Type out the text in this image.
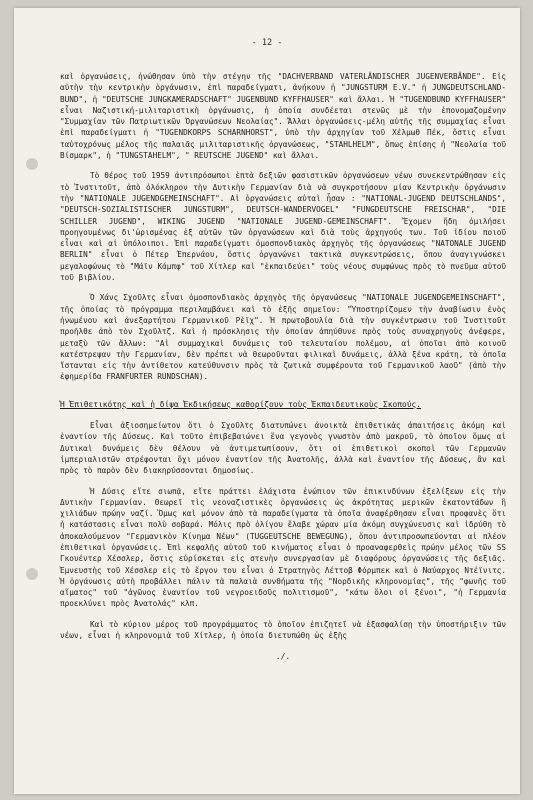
- 12 -

καὶ ὀργανώσεις, ἡνώθησαν ὑπὸ τὴν στέγην τῆς "DACHVERBAND VATERLÄNDISCHER JUGENVERBÄNDE". Εἰς αὐτὴν τὴν κεντρικὴν ὀργάνωσιν, ἐπὶ παραδείγματι, ἀνήκουν ἡ "JUNGSTURM E.V." ἡ JUNGDEUTSCHLAND-BUND", ἡ "DEUTSCHE JUNGKAMERADSCHAFT" JUGENBUND KYFFHAUSER" καὶ ἄλλαι. Ἡ "TUGENDBUND KYFFHAUSER" εἶναι Ναζιστική-μιλιταριστικὴ ὀργάνωσις, ἡ ὁποία συνδέεται στενῶς μὲ τὴν ἐπονομαζομένην "Συμμαχίαν τῶν Πατριωτικῶν Ὀργανώσεων Νεολαίας". Ἄλλαι ὀργανώσεις-μέλη αὐτῆς τῆς συμμαχίας εἶναι ἐπὶ παραδείγματι ἡ "TUGENDKORPS SCHARNHORST", ὑπὸ τὴν ἀρχηγίαν τοῦ Χέλμωθ Πέκ, ὅστις εἶναι ταὐτοχρόνως μέλος τῆς παλαιᾶς μιλιταριστικῆς ὀργανώσεως, "STAHLHELM", ὅπως ἐπίσης ἡ "Νεολαία τοῦ Βίσμαρκ", ἡ "TUNGSTAHELM", " REUTSCHE JUGEND" καὶ ἄλλαι.

Τὸ θέρος τοῦ 1959 ἀντιπρόσωποι ἑπτὰ δεξιῶν φασιστικῶν ὀργανώσεων νέων συνεκεντρώθησαν εἰς τὸ Ἰνστιτοῦτ, ἀπὸ ὁλόκληρον τὴν Δυτικὴν Γερμανίαν διὰ νὰ συγκροτήσουν μίαν Κεντρικὴν ὀργάνωσιν τὴν "NATIONALE JUGENDGEMEINSCHAFT". Αἱ ὀργανώσεις αὐταὶ ἦσαν : "NATIONAL-JUGEND DEUTSCHLANDS", "DEUTSCH-SOZIALISTISCHER JUNGSTURM", DEUTSCH-WANDERVOGEL" "FUNGDEUTSCHE FREISCHAR", "DIE SCHILLER JUGEND", WIKING JUGEND "NATIONALE JUGEND-GEMEINSCHAFT". Ἔχομεν ἤδη ὁμιλήσει προηγουμένως δι'ὡρισμένας ἐξ αὐτῶν τῶν ὀργανώσεων καὶ διὰ τοὺς ἀρχηγούς των. Τοῦ ἰδίου ποιοῦ εἶναι καὶ αἱ ὑπόλοιποι. Ἐπὶ παραδείγματι ὁμοσπονδιακὸς ἀρχηγὸς τῆς ὀργανώσεως "NATONALE JUGEND BERLIN" εἶναι ὁ Πέτερ Ἐπερνάου, ὅστις ὀργανώνει τακτικὰ συγκεντρώσεις, ὅπου ἀναγιγνώσκει μεγαλοφώνως τὸ "Μάϊν Κάμπφ" τοῦ Χίτλερ καὶ "ἐκπαιδεύει" τοὺς νέους συμφώνως πρὸς τὸ πνεῦμα αὐτοῦ τοῦ βιβλίου.

Ὁ Χάνς Σχοῦλτς εἶναι ὁμοσπονδιακὸς ἀρχηγὸς τῆς ὀργανώσεως "NATIONALE JUGENDGEMEINSCHAFT", τῆς ὁποίας τὸ πρόγραμμα περιλαμβάνει καὶ τὸ ἑξῆς σημεῖον: "Ὑποστηρίζομεν τὴν ἀναβίωσιν ἑνὸς ἡνωμένου καὶ ἀνεξαρτήτου Γερμανικοῦ Ρὲϊχ". Ἡ πρωτοβουλία διὰ τὴν συγκέντρωσιν τοῦ Ἰνστιτοῦτ προῆλθε ἀπὸ τὸν Σχοῦλτζ. Καὶ ἡ πρόσκλησις τὴν ὁποίαν ἀπηύθυνε πρὸς τοὺς συναχρηγοὺς ἀνέφερε, μεταξὺ τῶν ἄλλων: "Αἱ συμμαχικαὶ δυνάμεις τοῦ τελευταίου πολέμου, αἱ ὁποῖαι ἀπὸ κοινοῦ κατέστρεψαν τὴν Γερμανίαν, δὲν πρέπει νὰ θεωροῦνται φιλικαὶ δυνάμεις, ἀλλὰ ξένα κράτη, τὰ ὁποῖα ἵστανται εἰς τὴν ἀντίθετον κατεύθυνσιν πρὸς τὰ ζωτικὰ συμφέροντα τοῦ Γερμανικοῦ λαοῦ" (ἀπὸ τὴν ἐφημερίδα FRANFURTER RUNDSCHAN).

Ἡ Ἐπιθετικότης καὶ ἡ δίψα Ἐκδικήσεως καθορίζουν τοὺς Ἐκπαιδευτικοὺς Σκοπούς.

Εἶναι ἀξιοσημείωτον ὅτι ὁ Σχοῦλτς διατυπώνει ἀνοικτὰ ἐπιθετικὰς ἀπαιτήσεις ἀκόμη καὶ ἐναντίον τῆς Δύσεως. Καὶ τοῦτο ἐπιβεβαιώνει ἕνα γεγονὸς γνωστὸν ἀπὸ μακροῦ, τὸ ὁποῖον ὅμως αἱ Δυτικαὶ δυνάμεις δὲν θέλουν νὰ ἀντιμετωπίσουν, ὅτι οἱ ἐπιθετικοὶ σκοποὶ τῶν Γερμανῶν ἰμπεριαλιστῶν στρέφονται ὄχι μόνον ἐναντίον τῆς Ἀνατολῆς, ἀλλὰ καὶ ἐναντίον τῆς Δύσεως, ἂν καὶ πρὸς τὸ παρὸν δὲν διακηρύσσονται δημοσίως.

Ἡ Δύσις εἴτε σιωπᾷ, εἴτε πράττει ἐλάχιστα ἐνώπιον τῶν ἐπικινδύνων ἐξελίξεων εἰς τὴν Δυτικὴν Γερμανίαν. Θεωρεῖ τὶς νεοναζιστικὲς ὀργανώσεις ὡς ἀκρότητας μερικῶν ἑκατοντάδων ἢ χιλιάδων πρώην ναζί. Ὅμως καὶ μόνον ἀπὸ τὰ παραδείγματα τὰ ὁποῖα ἀναφέρθησαν εἶναι προφανὲς ὅτι ἡ κατάστασις εἶναι πολὺ σοβαρά. Μόλις πρὸ ὀλίγου ἔλαβε χώραν μία ἀκόμη συγχώνευσις καὶ ἱδρύθη τὸ ἀποκαλούμενον "Γερμανικὸν Κίνημα Νέων" (TUGGEUTSCHE BEWEGUNG), ὅπου ἀντιπροσωπεύονται αἱ πλέον ἐπιθετικαὶ ὀργανώσεις. Ἐπὶ κεφαλῆς αὐτοῦ τοῦ κινήματος εἶναι ὁ προαναφερθεὶς πρώην μέλος τῶν SS Γκουέντερ Χέσσλερ, ὅστις εὑρίσκεται εἰς στενὴν συνεργασίαν μὲ διαφόρους ὀργανώσεις τῆς δεξιᾶς. Ἐμνευστὴς τοῦ Χέσσλερ εἰς τὸ ἔργον του εἶναι ὁ Στρατηγὸς Λέττοβ Φόρμπεκ καὶ ὁ Ναύαρχος Ντέϊνιτς. Ἡ ὀργάνωσις αὐτὴ προβάλλει πάλιν τὰ παλαιὰ συνθήματα τῆς "Νορδικῆς κληρονομίας", τῆς "φωνῆς τοῦ αἵματος" τοῦ "ἀγῶνος ἐναντίον τοῦ νεγροειδοῦς πολιτισμοῦ", "κάτω ὅλοι οἱ ξένοι", "ἡ Γερμανία προεκλύνει πρὸς Ἀνατολάς" κλπ.

Καὶ τὸ κύριον μέρος τοῦ προγράμματος τὸ ὁποῖον ἐπιζητεῖ νὰ ἐξασφαλίσῃ τὴν ὑποστήριξιν τῶν νέων, εἶναι ἡ κληρονομιὰ τοῦ Χίτλερ, ἡ ὁποία διετυπώθη ὡς ἐξῆς

./.
